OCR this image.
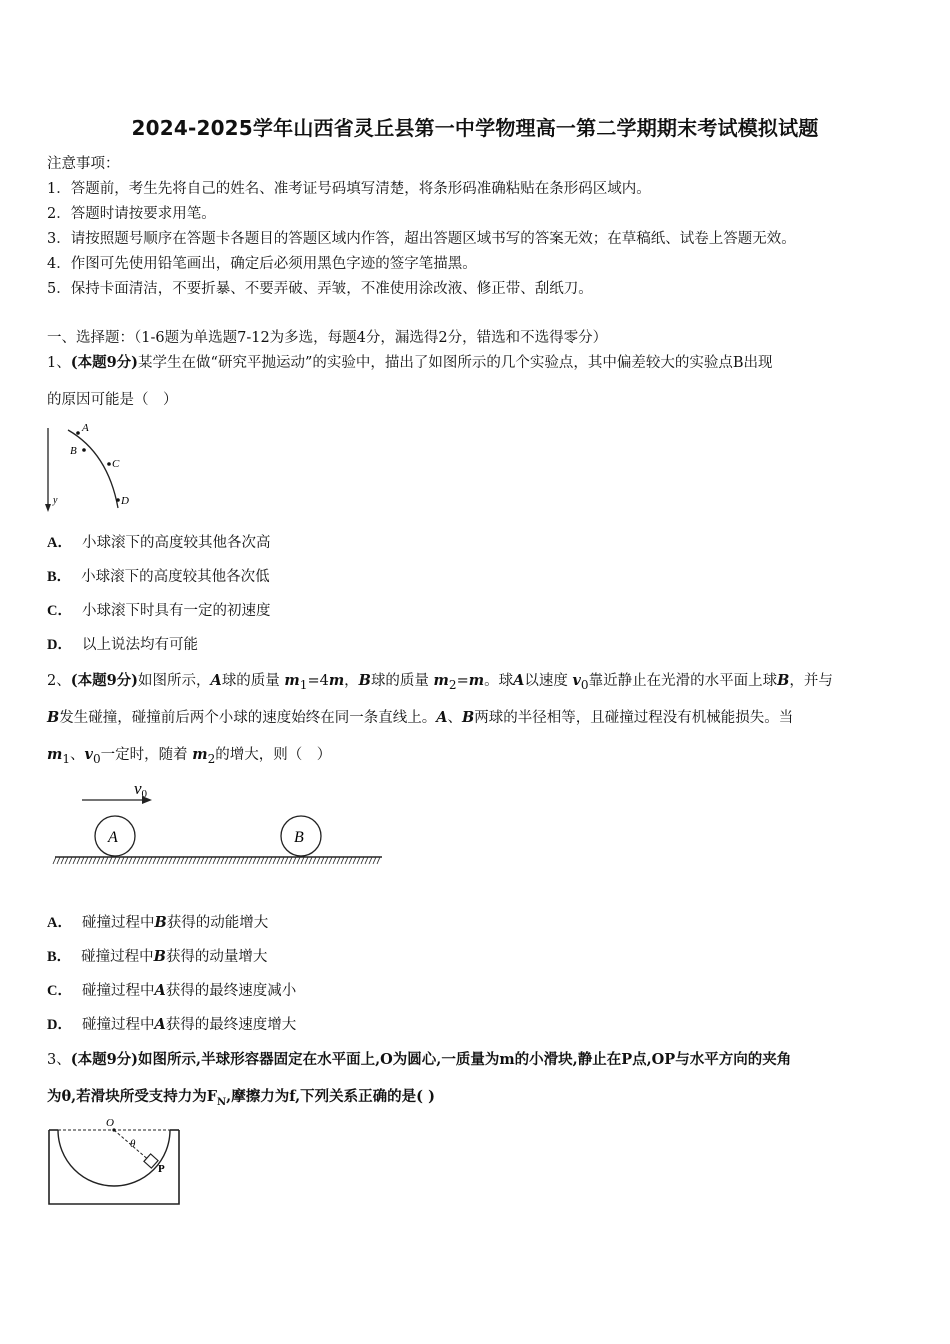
2024-2025学年山西省灵丘县第一中学物理高一第二学期期末考试模拟试题
注意事项：
1．答题前，考生先将自己的姓名、准考证号码填写清楚，将条形码准确粘贴在条形码区域内。
2．答题时请按要求用笔。
3．请按照题号顺序在答题卡各题目的答题区域内作答，超出答题区域书写的答案无效；在草稿纸、试卷上答题无效。
4．作图可先使用铅笔画出，确定后必须用黑色字迹的签字笔描黑。
5．保持卡面清洁，不要折暴、不要弄破、弄皱，不准使用涂改液、修正带、刮纸刀。
一、选择题：（1-6题为单选题7-12为多选，每题4分，漏选得2分，错选和不选得零分）
1、(本题9分)某学生在做“研究平抛运动”的实验中，描出了如图所示的几个实验点，其中偏差较大的实验点B出现
的原因可能是（　）
y
A
B
C
D
A． 小球滚下的高度较其他各次高
B． 小球滚下的高度较其他各次低
C． 小球滚下时具有一定的初速度
D． 以上说法均有可能
2、(本题9分)如图所示，A球的质量 $m_1=4m$，B球的质量 $m_2=m$。球A以速度 $v_0$靠近静止在光滑的水平面上球B，并与
B发生碰撞，碰撞前后两个小球的速度始终在同一条直线上。A、B两球的半径相等，且碰撞过程没有机械能损失。当
$m_1$、$v_0$一定时，随着 $m_2$的增大，则（　）
v0
A	B
A． 碰撞过程中B获得的动能增大
B． 碰撞过程中B获得的动量增大
C． 碰撞过程中A获得的最终速度减小
D． 碰撞过程中A获得的最终速度增大
3、(本题9分)如图所示,半球形容器固定在水平面上,O为圆心,一质量为m的小滑块,静止在P点,OP与水平方向的夹角
为θ,若滑块所受支持力为$F_N$,摩擦力为f,下列关系正确的是( )
O
θ
P
